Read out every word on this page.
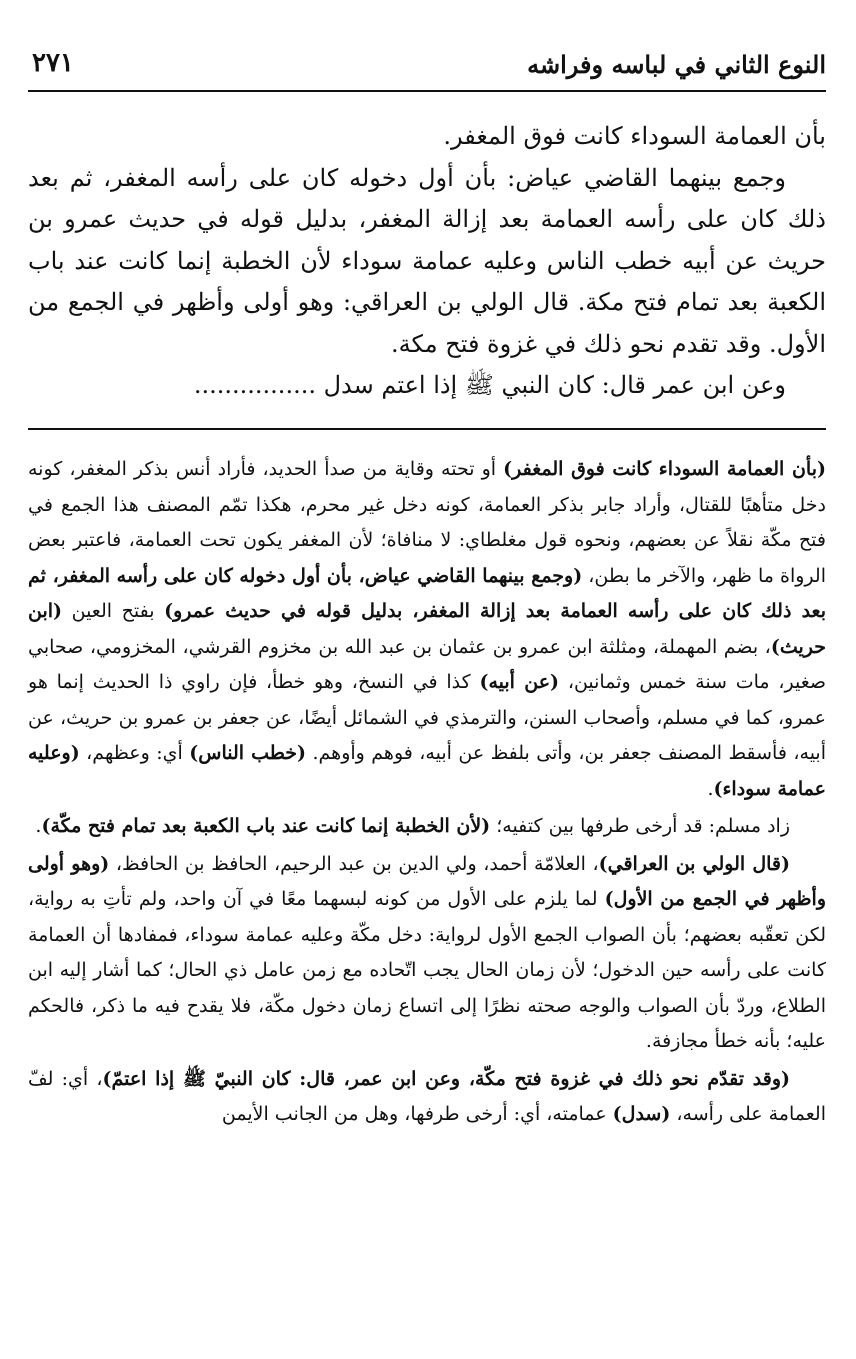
النوع الثاني في لباسه وفراشه
٢٧١

بأن العمامة السوداء كانت فوق المغفر.

وجمع بينهما القاضي عياض: بأن أول دخوله كان على رأسه المغفر، ثم بعد ذلك كان على رأسه العمامة بعد إزالة المغفر، بدليل قوله في حديث عمرو بن حريث عن أبيه خطب الناس وعليه عمامة سوداء لأن الخطبة إنما كانت عند باب الكعبة بعد تمام فتح مكة. قال الولي بن العراقي: وهو أولى وأظهر في الجمع من الأول. وقد تقدم نحو ذلك في غزوة فتح مكة.

وعن ابن عمر قال: كان النبي ﷺ إذا اعتم سدل ................

(بأن العمامة السوداء كانت فوق المغفر) أو تحته وقاية من صدأ الحديد، فأراد أنس بذكر المغفر، كونه دخل متأهبًا للقتال، وأراد جابر بذكر العمامة، كونه دخل غير محرم، هكذا تمّم المصنف هذا الجمع في فتح مكّة نقلاً عن بعضهم، ونحوه قول مغلطاي: لا منافاة؛ لأن المغفر يكون تحت العمامة، فاعتبر بعض الرواة ما ظهر، والآخر ما بطن، (وجمع بينهما القاضي عياض، بأن أول دخوله كان على رأسه المغفر، ثم بعد ذلك كان على رأسه العمامة بعد إزالة المغفر، بدليل قوله في حديث عمرو) بفتح العين (ابن حريث)، بضم المهملة، ومثلثة ابن عمرو بن عثمان بن عبد الله بن مخزوم القرشي، المخزومي، صحابي صغير، مات سنة خمس وثمانين، (عن أبيه) كذا في النسخ، وهو خطأ، فإن راوي ذا الحديث إنما هو عمرو، كما في مسلم، وأصحاب السنن، والترمذي في الشمائل أيضًا، عن جعفر بن عمرو بن حريث، عن أبيه، فأسقط المصنف جعفر بن، وأتى بلفظ عن أبيه، فوهم وأوهم. (خطب الناس) أي: وعظهم، (وعليه عمامة سوداء).

زاد مسلم: قد أرخى طرفها بين كتفيه؛ (لأن الخطبة إنما كانت عند باب الكعبة بعد تمام فتح مكّة).

(قال الولي بن العراقي)، العلامّة أحمد، ولي الدين بن عبد الرحيم، الحافظ بن الحافظ، (وهو أولى وأظهر في الجمع من الأول) لما يلزم على الأول من كونه لبسهما معًا في آن واحد، ولم تأتِ به رواية، لكن تعقّبه بعضهم؛ بأن الصواب الجمع الأول لرواية: دخل مكّة وعليه عمامة سوداء، فمفادها أن العمامة كانت على رأسه حين الدخول؛ لأن زمان الحال يجب اتّحاده مع زمن عامل ذي الحال؛ كما أشار إليه ابن الطلاع، وردّ بأن الصواب والوجه صحته نظرًا إلى اتساع زمان دخول مكّة، فلا يقدح فيه ما ذكر، فالحكم عليه؛ بأنه خطأ مجازفة.

(وقد تقدّم نحو ذلك في غزوة فتح مكّة، وعن ابن عمر، قال: كان النبيّ ﷺ إذا اعتمّ)، أي: لفّ العمامة على رأسه، (سدل) عمامته، أي: أرخى طرفها، وهل من الجانب الأيمن
